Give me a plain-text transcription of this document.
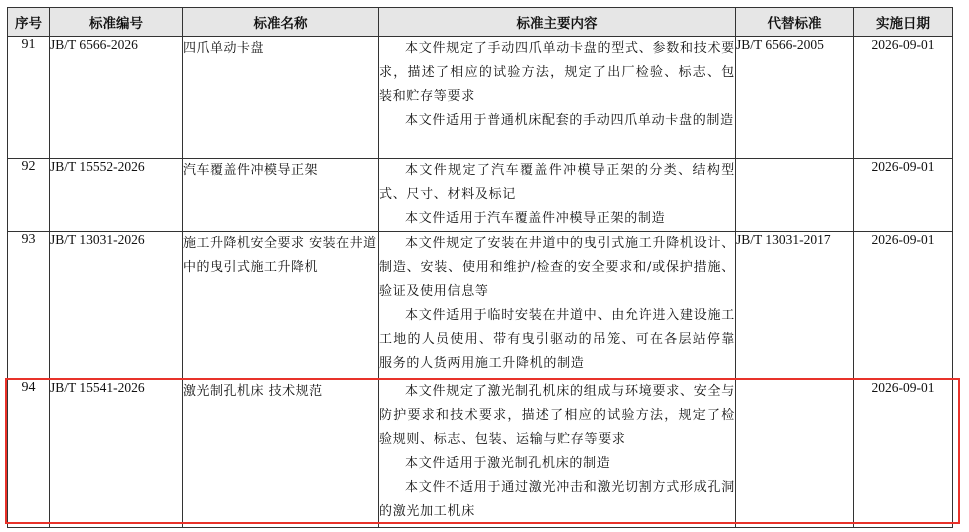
序号	标准编号	标准名称	标准主要内容	代替标准	实施日期
91	JB/T 6566-2026	四爪单动卡盘	本文件规定了手动四爪单动卡盘的型式、参数和技术要求，描述了相应的试验方法，规定了出厂检验、标志、包装和贮存等要求

本文件适用于普通机床配套的手动四爪单动卡盘的制造	JB/T 6566-2005	2026-09-01
92	JB/T 15552-2026	汽车覆盖件冲模导正架	本文件规定了汽车覆盖件冲模导正架的分类、结构型式、尺寸、材料及标记

本文件适用于汽车覆盖件冲模导正架的制造		2026-09-01
93	JB/T 13031-2026	施工升降机安全要求 安装在井道中的曳引式施工升降机	本文件规定了安装在井道中的曳引式施工升降机设计、制造、安装、使用和维护/检查的安全要求和/或保护措施、验证及使用信息等

本文件适用于临时安装在井道中、由允许进入建设施工工地的人员使用、带有曳引驱动的吊笼、可在各层站停靠服务的人货两用施工升降机的制造	JB/T 13031-2017	2026-09-01
94	JB/T 15541-2026	激光制孔机床 技术规范	本文件规定了激光制孔机床的组成与环境要求、安全与防护要求和技术要求，描述了相应的试验方法，规定了检验规则、标志、包装、运输与贮存等要求

本文件适用于激光制孔机床的制造

本文件不适用于通过激光冲击和激光切割方式形成孔洞的激光加工机床		2026-09-01
